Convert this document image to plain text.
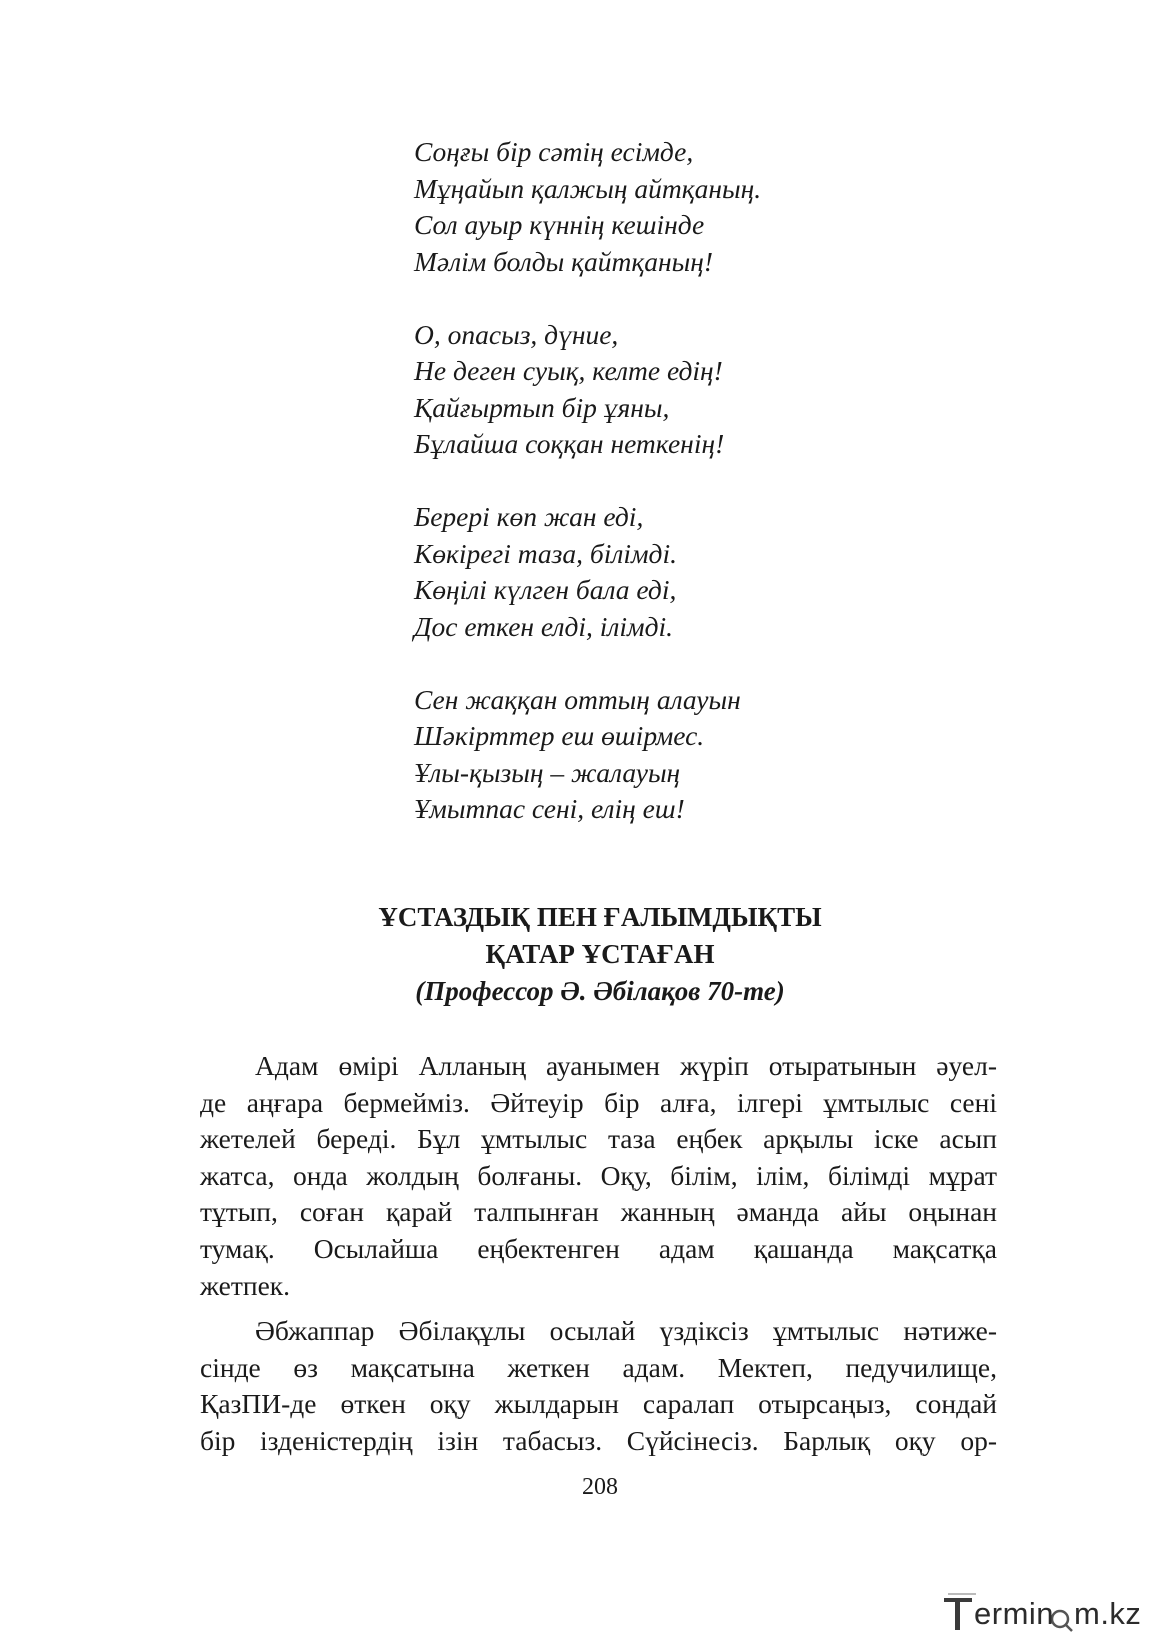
Соңғы бір сәтің есімде,
Мұңайып қалжың айтқаның.
Сол ауыр күннің кешінде
Мәлім болды қайтқаның!
О, опасыз, дүние,
Не деген суық, келте едің!
Қайғыртып бір ұяны,
Бұлайша соққан неткенің!
Берері көп жан еді,
Көкірегі таза, білімді.
Көңілі күлген бала еді,
Дос еткен елді, ілімді.
Сен жаққан оттың алауын
Шәкірттер еш өшірмес.
Ұлы-қызың – жалауың
Ұмытпас сені, елің еш!
ҰСТАЗДЫҚ ПЕН ҒАЛЫМДЫҚТЫ
ҚАТАР ҰСТАҒАН
(Профессор Ә. Әбілақов 70-те)
Адам өмірі Алланың ауанымен жүріп отыратынын әуел-
де аңғара бермейміз. Әйтеуір бір алға, ілгері ұмтылыс сені
жетелей береді. Бұл ұмтылыс таза еңбек арқылы іске асып
жатса, онда жолдың болғаны. Оқу, білім, ілім, білімді мұрат
тұтып, соған қарай талпынған жанның әманда айы оңынан
тумақ. Осылайша еңбектенген адам қашанда мақсатқа
жетпек.
Әбжаппар Әбілақұлы осылай үздіксіз ұмтылыс нәтиже-
сінде өз мақсатына жеткен адам. Мектеп, педучилище,
ҚазПИ-де өткен оқу жылдарын саралап отырсаңыз, сондай
бір ізденістердің ізін табасыз. Сүйсінесіз. Барлық оқу ор-
208
ermin m.kz
